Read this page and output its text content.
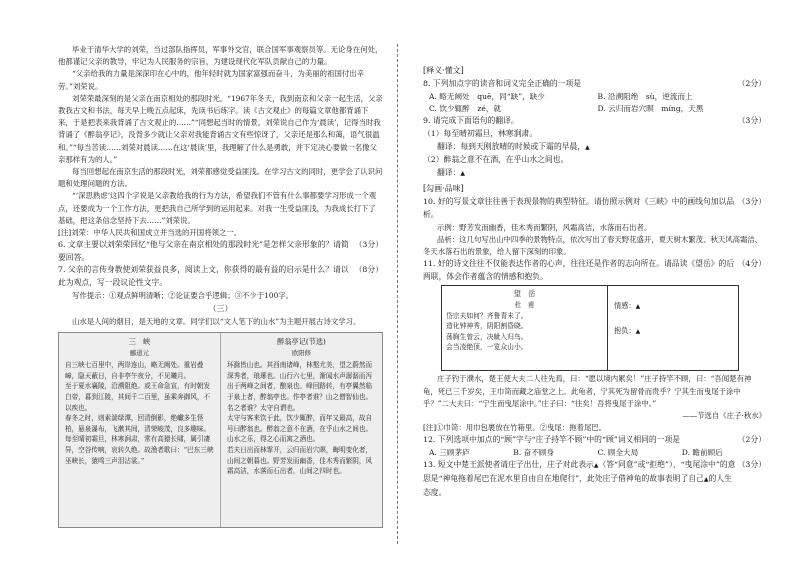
毕业于清华大学的刘荣，当过部队指挥员，军事外交官，联合国军事观察员等。无论身在何处，他都谨记父亲的教导，牢记为人民服务的宗旨，为建设现代化军队贡献自己的力量。

“父亲给我的力量是深深印在心中的，他年轻时就为国家富强而奋斗，为美丽的祖国付出辛劳。”刘荣说。

刘荣荣最深刻的是父亲在南京相处的那段时光。“1967年冬天，我到南京和父亲一起生活，父亲教我古文和书法，每天早上晚五点起床，先读书后练字。读《古文观止》的每篇文章他都背诵下来，于是把表来我背诵了古文观止的……”“同想起当时的情景，刘荣说自己作为‘晨读’，记得当时我背诵了《醉翁亭记》，没背多少就让父亲对我能背诵古文有些惊讶了，父亲还是那么和蔼，语气很温和。”“每当苦读……刘荣对晨读……在这‘晨读’里，我理解了什么是勇敢，并下定决心要做一名像父亲那样有为的人。”

每当回想起在南京生活的那段时光，刘荣都感觉受益匪浅。在学习古文的同时，更学会了认识问题和处理问题的方法。

“‘深思熟虑’这四个字说是父亲教给我的行为方法，希望我们不管有什么事都要学习形成一个观点，还要成为一个工作方法，更把我自己所学到的运用起来。对我一生受益匪浅，为我成长打下了基础，把这条信念坚持下去……”刘荣说。

[注]刘荣：中华人民共和国成立并当选的开国将领之一。

6. 文章主要以刘荣荣回忆“他与父亲在南京相处的那段时光”是怎样父亲形象的？请简要回答。
（3分）

7. 父亲的言传身教使刘荣获益良多，阅读上文，你获得的最有益的启示是什么？请以此为观点，写一段议论性文字。
（8分）

写作提示：①观点鲜明清晰；②论证要合乎逻辑；③不少于100字。

（三）

山水是人间的烟目，是天地的文章。同学们以“文人笔下的山水”为主题开展古诗文学习。

三　峡
郦道元
自三峡七百里中，两岸连山，略无阙处。重岩叠嶂，隐天蔽日，自非亭午夜分，不见曦月。
至于夏水襄陵，沿溯阻绝。或王命急宣，有时朝发白帝，暮到江陵，其间千二百里，虽乘奔御风，不以疾也。
春冬之时，则素湍绿潭，回清倒影，绝巘多生怪柏，悬泉瀑布，飞漱其间，清荣峻茂，良多趣味。
每至晴初霜旦，林寒涧肃，常有高猿长啸，属引凄异，空谷传响，哀转久绝。故渔者歌曰：“巴东三峡巫峡长，猿鸣三声泪沾裳。”
醉翁亭记(节选)
欧阳修
环滁皆山也。其西南诸峰，林壑尤美，望之蔚然而深秀者，琅琊也。山行六七里，渐闻水声潺潺而泻出于两峰之间者，酿泉也。峰回路转，有亭翼然临于泉上者，醉翁亭也。作亭者谁？山之僧智仙也。名之者谁？太守自谓也。
太守与客来饮于此，饮少辄醉，而年又最高，故自号曰醉翁也。醉翁之意不在酒，在乎山水之间也。山水之乐，得之心而寓之酒也。
若夫日出而林霏开，云归而岩穴暝，晦明变化者，山间之朝暮也。野芳发而幽香，佳木秀而繁阴，风霜高洁，水落而石出者，山间之四时也。

[释义·懂文]

8. 下列加点字的读音和词义完全正确的一项是	（2分）

A. 略无阙处　quē，同“缺”，缺少	B. 沿溯阻绝　sù，逆流而上
C. 饮少辄醉　zé，就	D. 云归而岩穴暝　míng，天黑

9. 请完成下面语句的翻译。	（3分）

（1）每至晴初霜旦，林寒涧肃。

翻译：每到天刚放晴的时候或下霜的早晨，▲

（2）醉翁之意不在酒，在乎山水之间也。

翻译：▲

[勾画·品味]

10. 好的写景文章往往善于表现景物的典型特征。请仿照示例对《三峡》中的画线句加以品析。
（3分）

示例：野芳发而幽香，佳木秀而繁阴，风霜高洁，水落而石出者。

品析：这几句写出山中四季的景物特点，依次写出了春天野花盛开，夏天树木繁茂、秋天风高霜洁、冬天水落石出的景象，给人留下深刻的印象。

11. 好的诗文往往不仅能表达作者的心声，往往还是作者的志向所在。请品读《望岳》的后两联，体会作者蕴含的情感和抱负。
（4分）

望　岳
杜　甫
岱宗夫如何？齐鲁青未了。
造化钟神秀，阴阳割昏晓。
荡胸生曾云，决眦入归鸟。
会当凌绝顶，一览众山小。
情感：▲
抱负：▲

庄子钓于濮水，楚王使大夫二人往先焉，曰：“愿以境内累矣！”庄子持竿不顾，曰：“吾闻楚有神龟，死已三千岁矣，王巾笥而藏之庙堂之上。此龟者，宁其死为留骨而贵乎？宁其生而曳尾于涂中乎？”二大夫曰：“宁生而曳尾涂中。”庄子曰：“往矣！吾将曳尾于涂中。”

——节选自《庄子·秋水》

[注]①巾笥：用巾包裹放在竹箱里。②曳尾：拖着尾巴。

12. 下列选项中加点的“顾”字与“庄子持竿不顾”中的“顾”词义相同的一项是	（2分）

A. 三顾茅庐	B. 奋不顾身	C. 顾全大局	D. 瞻前顾后

13. 短文中楚王派使者请庄子出仕，庄子对此表示▲（答“同意”或“拒绝”），“曳尾涂中”的意思是“神龟拖着尾巴在泥水里自由自在地爬行”，此处庄子借神龟的故事表明了自己▲的人生态度。
（3分）
